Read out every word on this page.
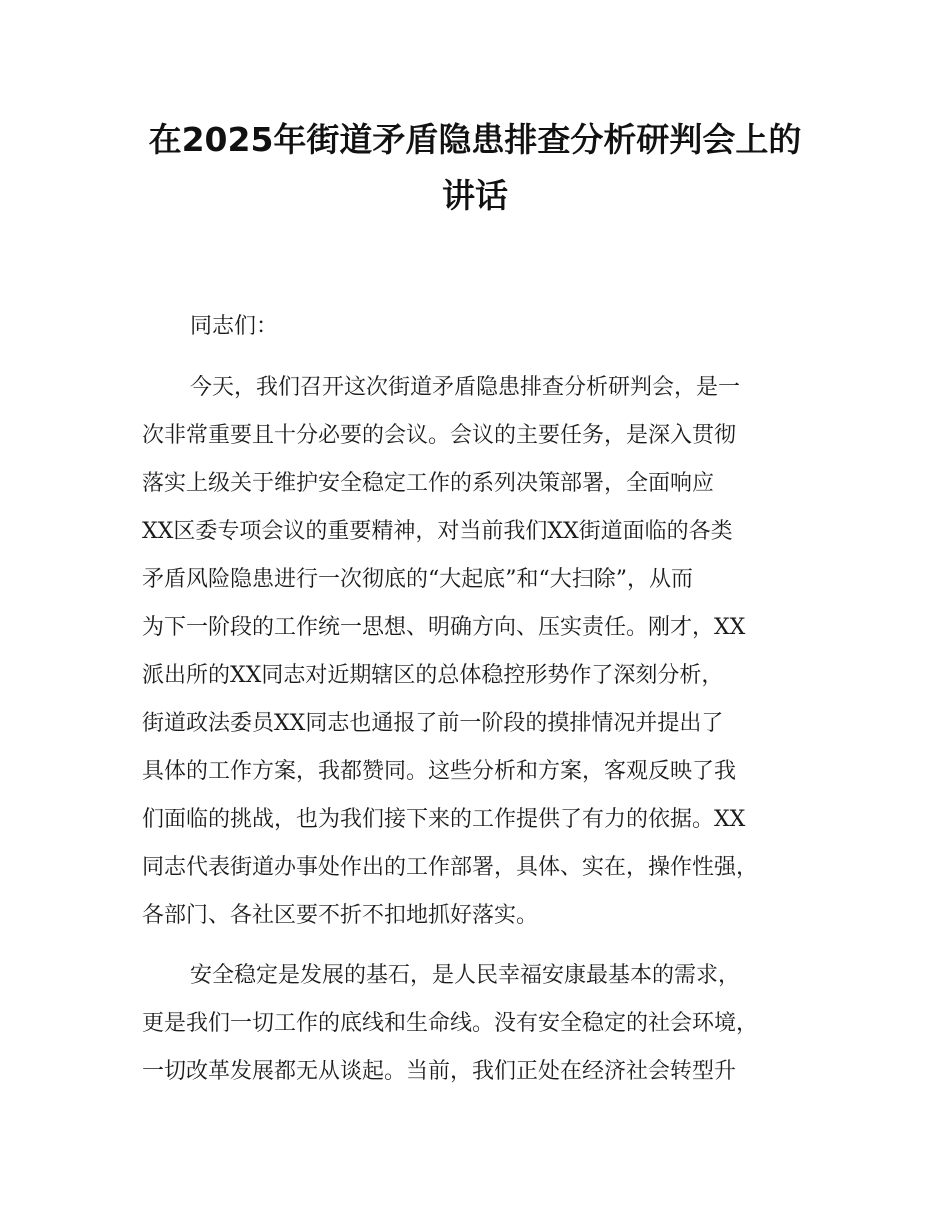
在2025年街道矛盾隐患排查分析研判会上的
讲话
同志们：
今天，我们召开这次街道矛盾隐患排查分析研判会，是一
次非常重要且十分必要的会议。会议的主要任务，是深入贯彻
落实上级关于维护安全稳定工作的系列决策部署，全面响应
XX区委专项会议的重要精神，对当前我们XX街道面临的各类
矛盾风险隐患进行一次彻底的“大起底”和“大扫除”，从而
为下一阶段的工作统一思想、明确方向、压实责任。刚才，XX
派出所的XX同志对近期辖区的总体稳控形势作了深刻分析，
街道政法委员XX同志也通报了前一阶段的摸排情况并提出了
具体的工作方案，我都赞同。这些分析和方案，客观反映了我
们面临的挑战，也为我们接下来的工作提供了有力的依据。XX
同志代表街道办事处作出的工作部署，具体、实在，操作性强，
各部门、各社区要不折不扣地抓好落实。
安全稳定是发展的基石，是人民幸福安康最基本的需求，
更是我们一切工作的底线和生命线。没有安全稳定的社会环境，
一切改革发展都无从谈起。当前，我们正处在经济社会转型升
